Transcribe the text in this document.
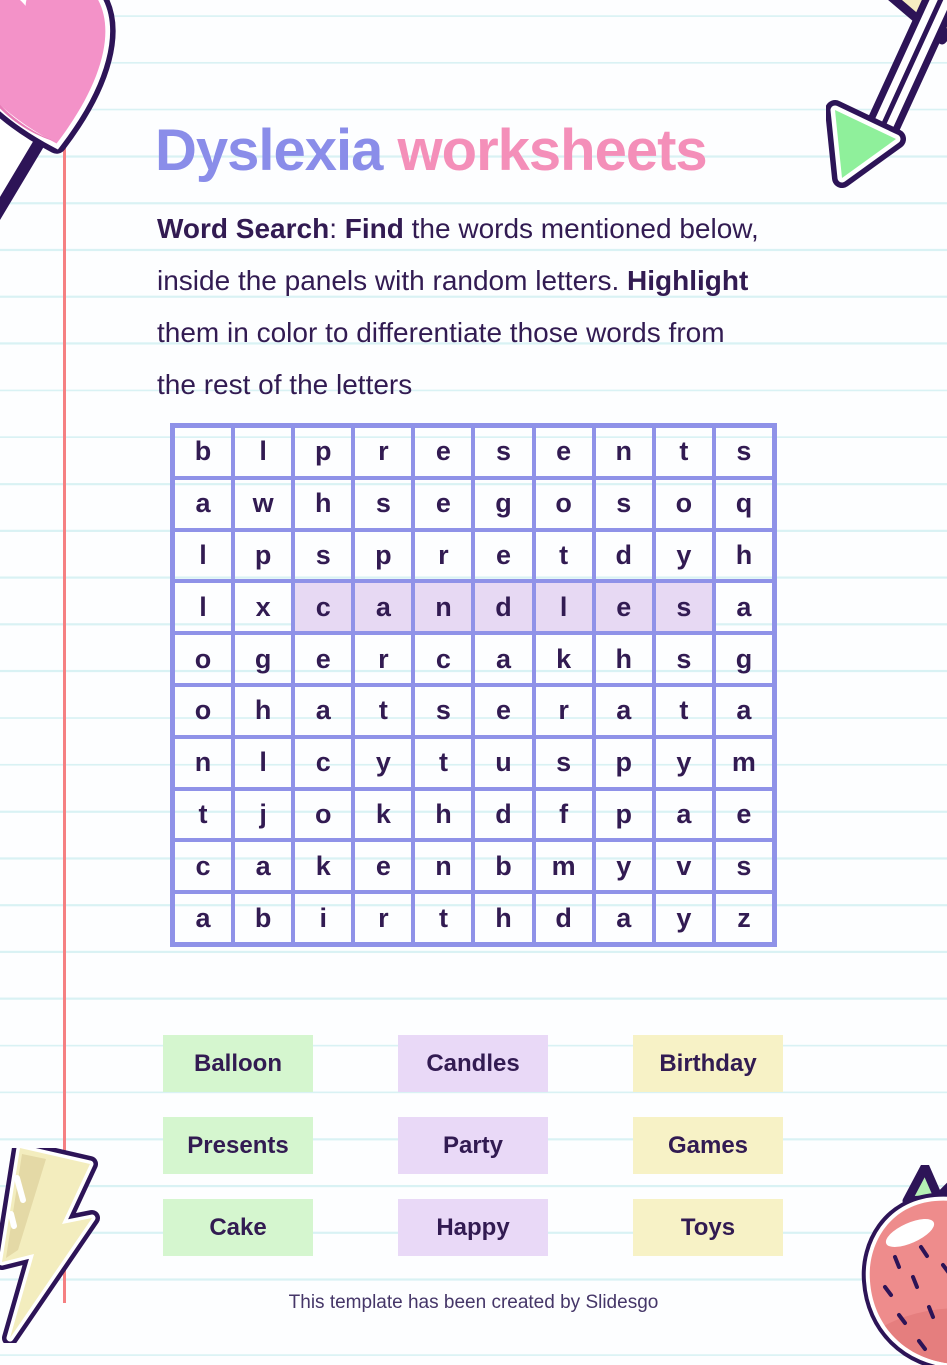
Dyslexia worksheets
Word Search: Find the words mentioned below,
inside the panels with random letters. Highlight
them in color to differentiate those words from
the rest of the letters
b	l	p	r	e	s	e	n	t	s
a	w	h	s	e	g	o	s	o	q
l	p	s	p	r	e	t	d	y	h
l	x	c	a	n	d	l	e	s	a
o	g	e	r	c	a	k	h	s	g
o	h	a	t	s	e	r	a	t	a
n	l	c	y	t	u	s	p	y	m
t	j	o	k	h	d	f	p	a	e
c	a	k	e	n	b	m	y	v	s
a	b	i	r	t	h	d	a	y	z
Balloon	Candles	Birthday
Presents	Party	Games
Cake	Happy	Toys
This template has been created by Slidesgo
